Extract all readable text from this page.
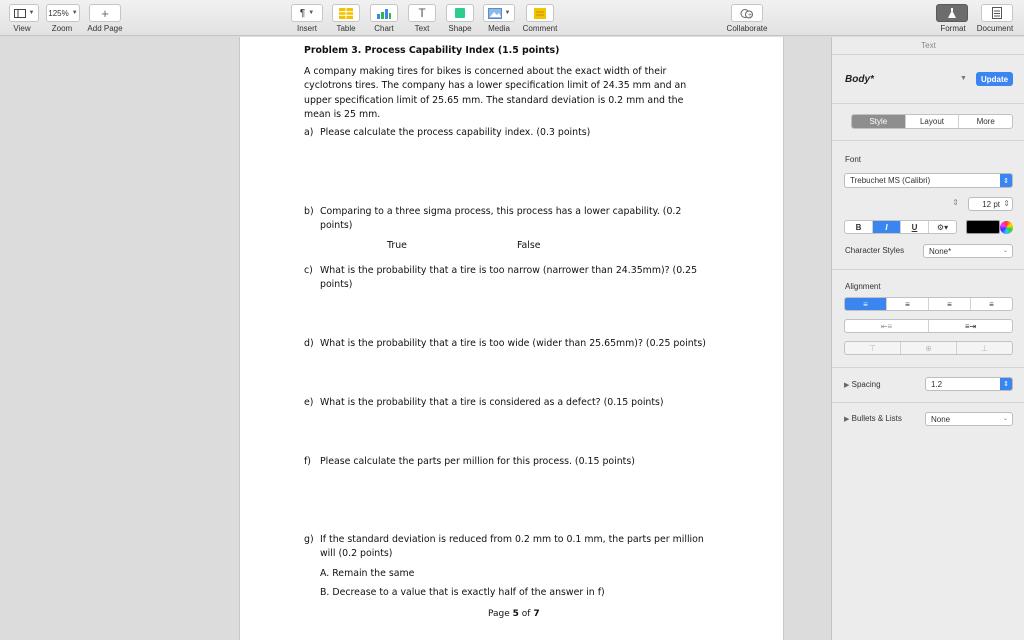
▼
View
125% ▼
Zoom
+
Add Page
¶ ▼
Insert Table Chart
T
Text Shape
▼
Media Comment
+
Collaborate	Format Document
Problem 3. Process Capability Index (1.5 points)
A company making tires for bikes is concerned about the exact width of their
cyclotrons tires. The company has a lower specification limit of 24.35 mm and an
upper specification limit of 25.65 mm. The standard deviation is 0.2 mm and the
mean is 25 mm.
a) Please calculate the process capability index. (0.3 points)
b) Comparing to a three sigma process, this process has a lower capability. (0.2
points)
True	False
c) What is the probability that a tire is too narrow (narrower than 24.35mm)? (0.25
points)
d) What is the probability that a tire is too wide (wider than 25.65mm)? (0.25 points)
e) What is the probability that a tire is considered as a defect? (0.15 points)
f) Please calculate the parts per million for this process. (0.15 points)
g) If the standard deviation is reduced from 0.2 mm to 0.1 mm, the parts per million
will (0.2 points)
A. Remain the same
B. Decrease to a value that is exactly half of the answer in f)
Page 5 of 7
Text
Body*	▼	Update
Style	Layout	More
Font
Trebuchet MS (Calibri)	⇕
⇕	12 pt ⇕
B	I	U	⚙▾
Character Styles	None*	⌄
Alignment
≡	≡	≡	≡
⇤≡	≡⇥
⊤	⊕	⊥
▶ Spacing	1.2	⇕
▶ Bullets & Lists	None	⌄
